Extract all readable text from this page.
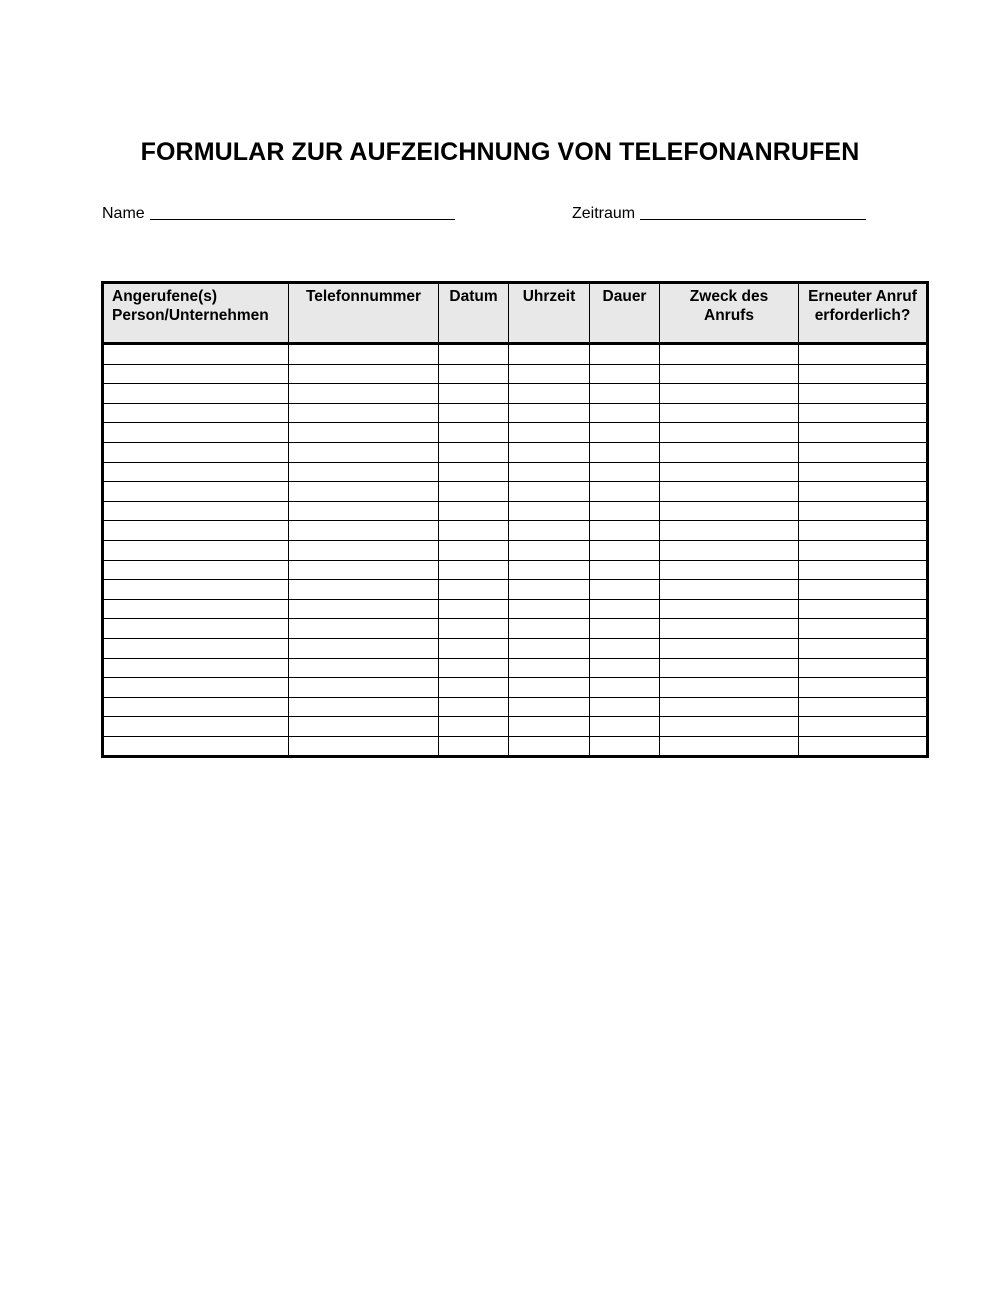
FORMULAR ZUR AUFZEICHNUNG VON TELEFONANRUFEN
Name	Zeitraum
Angerufene(s) Person/Unternehmen	Telefonnummer	Datum	Uhrzeit	Dauer	Zweck des Anrufs	Erneuter Anruf erforderlich?
